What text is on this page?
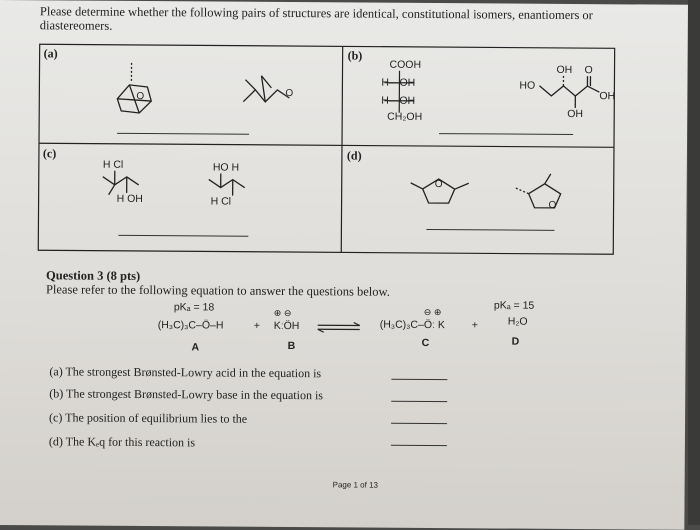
Please determine whether the following pairs of structures are identical, constitutional isomers, enantiomers or diastereomers.
O	O
O
O
(a)	(b)
(c)	(d)
COOH
H—OH
H—OH
CH₂OH
HO
OH O
OH
OH
H Cl
H OH
HO H
H Cl
Question 3 (8 pts)
Please refer to the following equation to answer the questions below.
pKₐ = 18	pKₐ = 15
⊕ ⊖	⊖ ⊕
(H₃C)₃C–Ö–H	+ KːÖH ⇌ (H₃C)₃C–Öː K	+	H₂O
A	B	C	D
(a) The strongest Brønsted-Lowry acid in the equation is
(b) The strongest Brønsted-Lowry base in the equation is
(c) The position of equilibrium lies to the
(d) The Kₑq for this reaction is
Page 1 of 13
